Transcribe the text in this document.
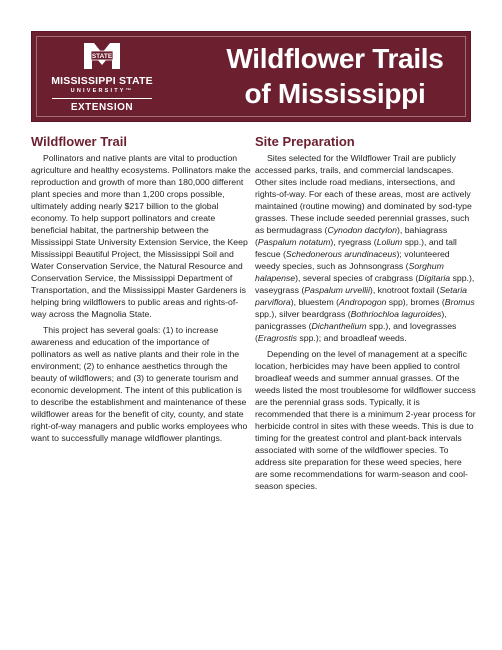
STATE
MISSISSIPPI STATE
UNIVERSITY™
EXTENSION
Wildflower Trails
of Mississippi
Wildflower Trail

Pollinators and native plants are vital to production agriculture and healthy ecosystems. Pollinators make the reproduction and growth of more than 180,000 different plant species and more than 1,200 crops possible, ultimately adding nearly $217 billion to the global economy. To help support pollinators and create beneficial habitat, the partnership between the Mississippi State University Extension Service, the Keep Mississippi Beautiful Project, the Mississippi Soil and Water Conservation Service, the Natural Resource and Conservation Service, the Mississippi Department of Transportation, and the Mississippi Master Gardeners is helping bring wildflowers to public areas and rights-of-way across the Magnolia State.

This project has several goals: (1) to increase awareness and education of the importance of pollinators as well as native plants and their role in the environment; (2) to enhance aesthetics through the beauty of wildflowers; and (3) to generate tourism and economic development. The intent of this publication is to describe the establishment and maintenance of these wildflower areas for the benefit of city, county, and state right-of-way managers and public works employees who want to successfully manage wildflower plantings.

Site Preparation

Sites selected for the Wildflower Trail are publicly accessed parks, trails, and commercial landscapes. Other sites include road medians, intersections, and rights-of-way. For each of these areas, most are actively maintained (routine mowing) and dominated by sod-type grasses. These include seeded perennial grasses, such as bermudagrass (Cynodon dactylon), bahiagrass (Paspalum notatum), ryegrass (Lolium spp.), and tall fescue (Schedonerous arundinaceus); volunteered weedy species, such as Johnsongrass (Sorghum halapense), several species of crabgrass (Digitaria spp.), vaseygrass (Paspalum urvellii), knotroot foxtail (Setaria parviflora), bluestem (Andropogon spp), bromes (Bromus spp.), silver beardgrass (Bothriochloa laguroides), panicgrasses (Dichanthelium spp.), and lovegrasses (Eragrostis spp.); and broadleaf weeds.

Depending on the level of management at a specific location, herbicides may have been applied to control broadleaf weeds and summer annual grasses. Of the weeds listed the most troublesome for wildflower success are the perennial grass sods. Typically, it is recommended that there is a minimum 2-year process for herbicide control in sites with these weeds. This is due to timing for the greatest control and plant-back intervals associated with some of the wildflower species. To address site preparation for these weed species, here are some recommendations for warm-season and cool-season species.
